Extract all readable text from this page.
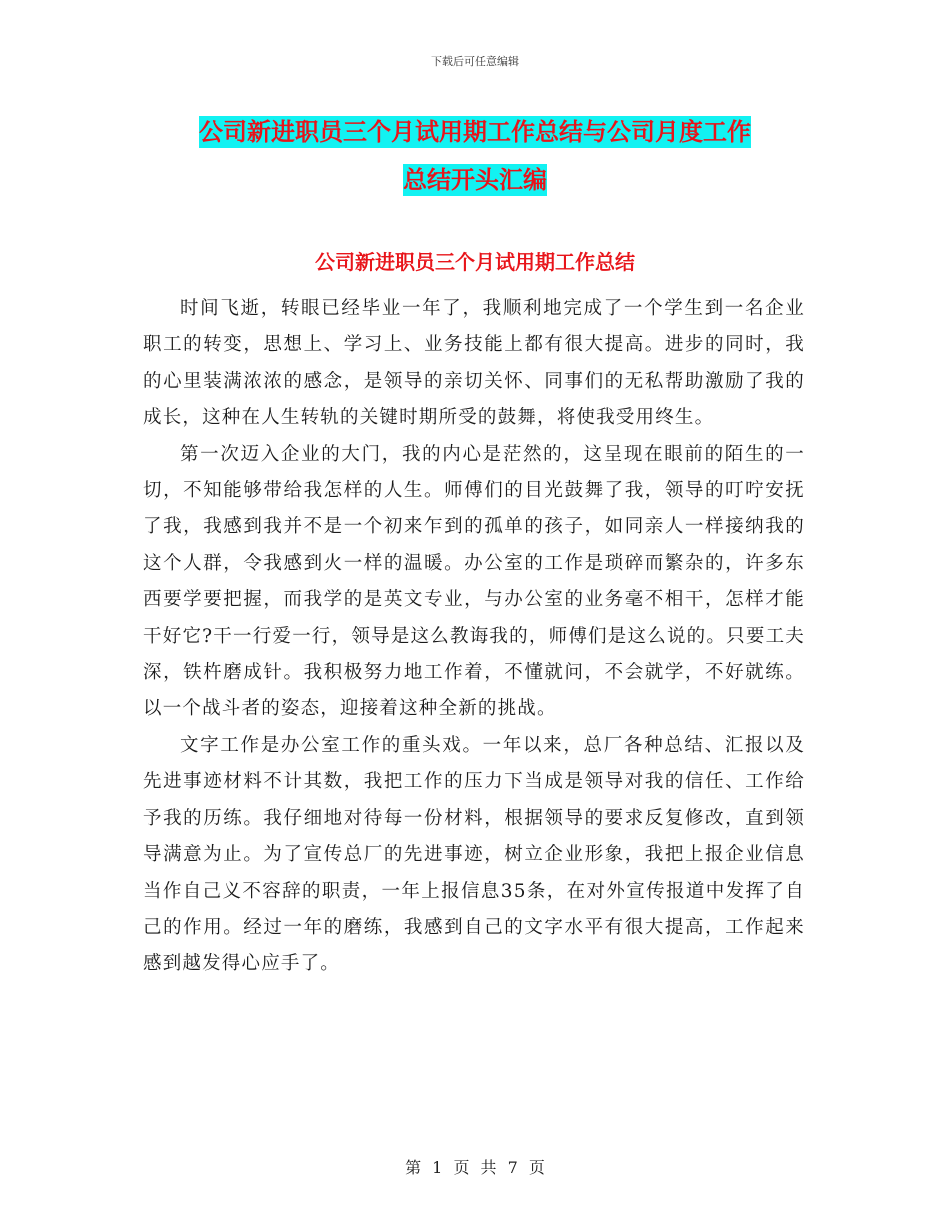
下载后可任意编辑
公司新进职员三个月试用期工作总结与公司月度工作
总结开头汇编
公司新进职员三个月试用期工作总结

时间飞逝，转眼已经毕业一年了，我顺利地完成了一个学生到一名企业职工的转变，思想上、学习上、业务技能上都有很大提高。进步的同时，我的心里装满浓浓的感念，是领导的亲切关怀、同事们的无私帮助激励了我的成长，这种在人生转轨的关键时期所受的鼓舞，将使我受用终生。

第一次迈入企业的大门，我的内心是茫然的，这呈现在眼前的陌生的一切，不知能够带给我怎样的人生。师傅们的目光鼓舞了我，领导的叮咛安抚了我，我感到我并不是一个初来乍到的孤单的孩子，如同亲人一样接纳我的这个人群，令我感到火一样的温暖。办公室的工作是琐碎而繁杂的，许多东西要学要把握，而我学的是英文专业，与办公室的业务毫不相干，怎样才能干好它?干一行爱一行，领导是这么教诲我的，师傅们是这么说的。只要工夫深，铁杵磨成针。我积极努力地工作着，不懂就问，不会就学，不好就练。以一个战斗者的姿态，迎接着这种全新的挑战。

文字工作是办公室工作的重头戏。一年以来，总厂各种总结、汇报以及先进事迹材料不计其数，我把工作的压力下当成是领导对我的信任、工作给予我的历练。我仔细地对待每一份材料，根据领导的要求反复修改，直到领导满意为止。为了宣传总厂的先进事迹，树立企业形象，我把上报企业信息当作自己义不容辞的职责，一年上报信息35条，在对外宣传报道中发挥了自己的作用。经过一年的磨练，我感到自己的文字水平有很大提高，工作起来感到越发得心应手了。

第 1 页 共 7 页
